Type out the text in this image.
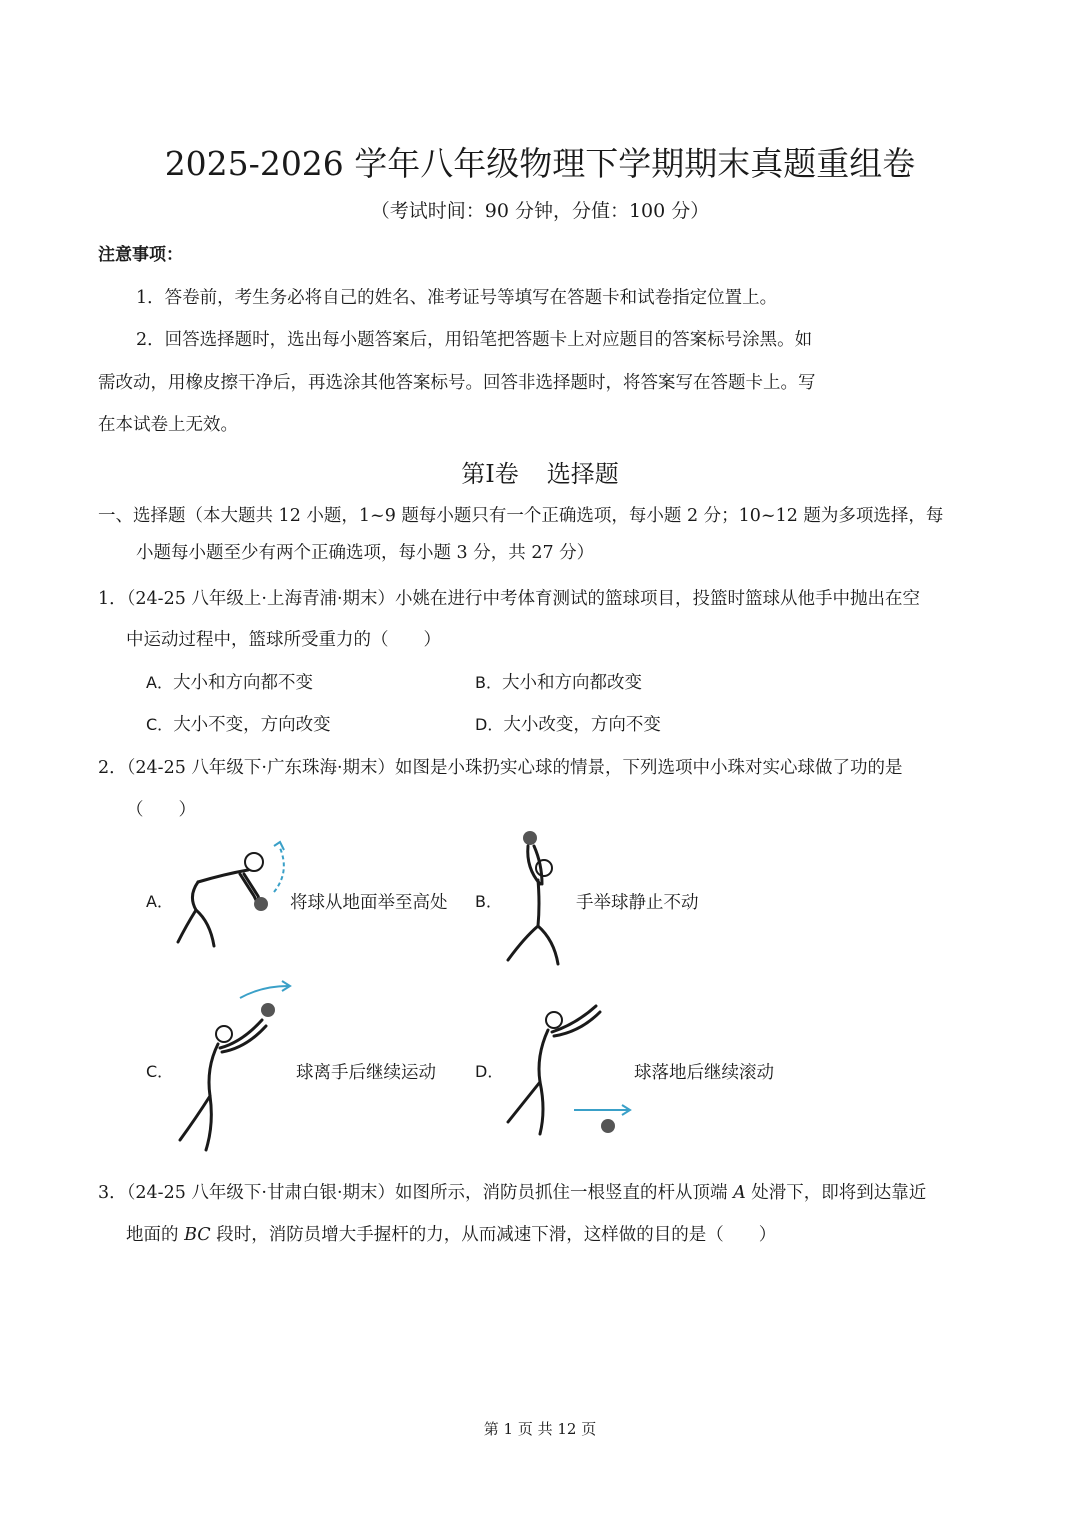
2025-2026 学年八年级物理下学期期末真题重组卷
（考试时间：90 分钟，分值：100 分）
注意事项：
1．答卷前，考生务必将自己的姓名、准考证号等填写在答题卡和试卷指定位置上。
2．回答选择题时，选出每小题答案后，用铅笔把答题卡上对应题目的答案标号涂黑。如
需改动，用橡皮擦干净后，再选涂其他答案标号。回答非选择题时，将答案写在答题卡上。写
在本试卷上无效。
第Ⅰ卷 选择题
一、选择题（本大题共 12 小题，1~9 题每小题只有一个正确选项，每小题 2 分；10~12 题为多项选择，每
小题每小题至少有两个正确选项，每小题 3 分，共 27 分）
1．（24-25 八年级上·上海青浦·期末）小姚在进行中考体育测试的篮球项目，投篮时篮球从他手中抛出在空
中运动过程中，篮球所受重力的（　　）
A．大小和方向都不变	B．大小和方向都改变
C．大小不变，方向改变	D．大小改变，方向不变
2．（24-25 八年级下·广东珠海·期末）如图是小珠扔实心球的情景，下列选项中小珠对实心球做了功的是
（　　）
A．	将球从地面举至高处 B．	手举球静止不动
C．	球离手后继续运动 D．	球落地后继续滚动
3．（24-25 八年级下·甘肃白银·期末）如图所示，消防员抓住一根竖直的杆从顶端 A 处滑下，即将到达靠近
地面的 BC 段时，消防员增大手握杆的力，从而减速下滑，这样做的目的是（　　）
第 1 页 共 12 页
